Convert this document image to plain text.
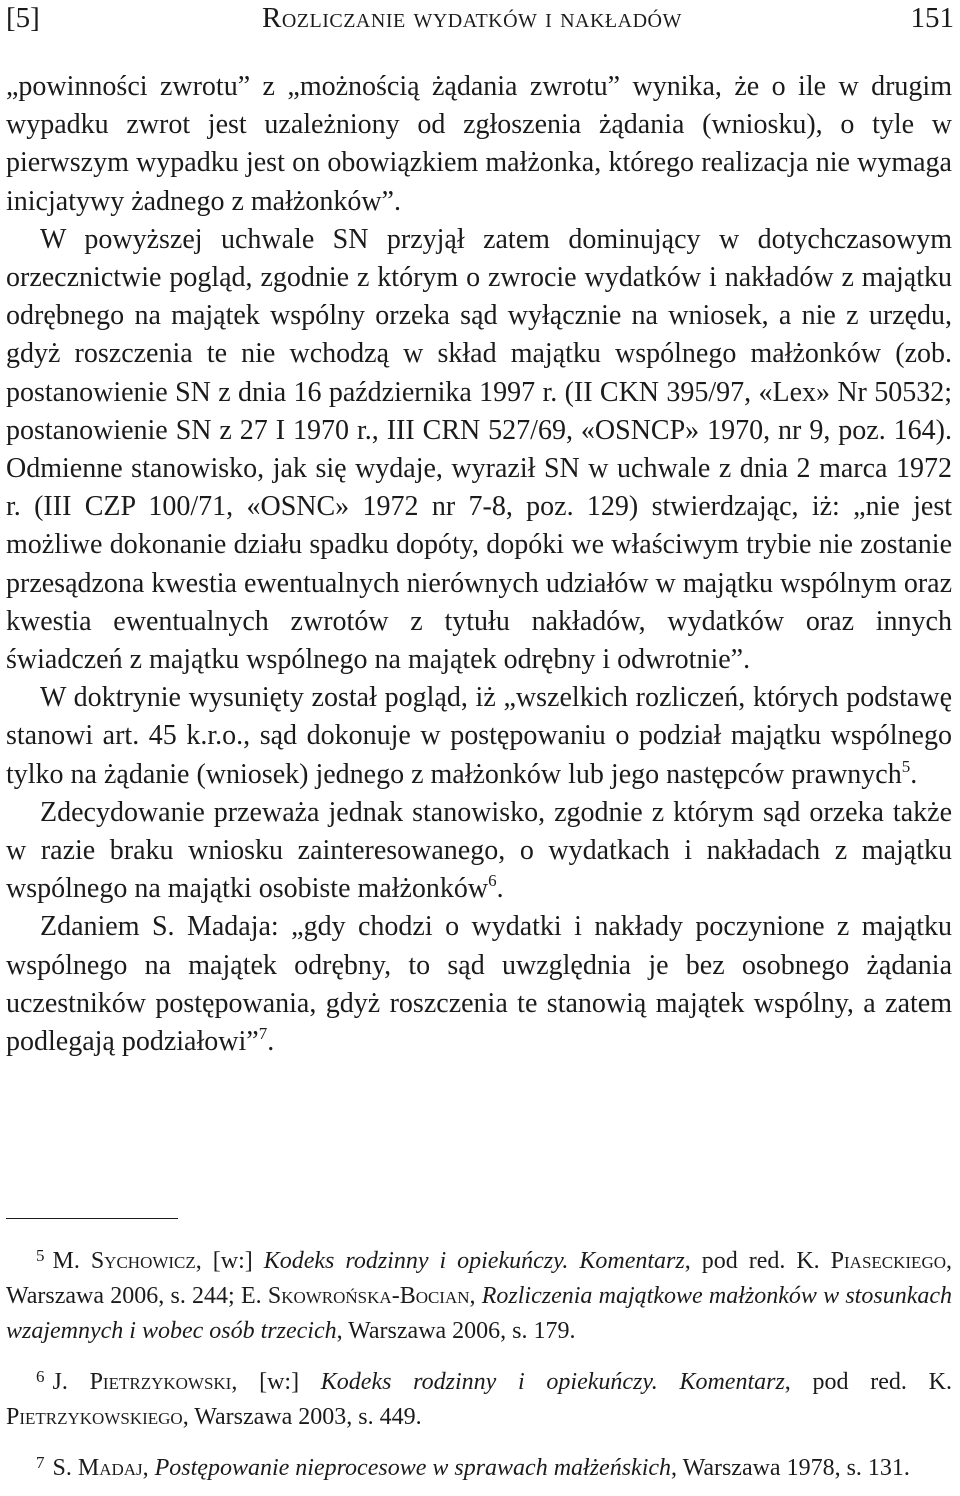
[5]	Rozliczanie wydatków i nakładów	151

„powinności zwrotu” z „możnością żądania zwrotu” wynika, że o ile w drugim wypadku zwrot jest uzależniony od zgłoszenia żądania (wniosku), o tyle w pierwszym wypadku jest on obowiązkiem małżonka, którego realizacja nie wymaga inicjatywy żadnego z małżonków”.

W powyższej uchwale SN przyjął zatem dominujący w dotychczasowym orzecznictwie pogląd, zgodnie z którym o zwrocie wydatków i nakładów z majątku odrębnego na majątek wspólny orzeka sąd wyłącznie na wniosek, a nie z urzędu, gdyż roszczenia te nie wchodzą w skład majątku wspólnego małżonków (zob. postanowienie SN z dnia 16 października 1997 r. (II CKN 395/97, «Lex» Nr 50532; postanowienie SN z 27 I 1970 r., III CRN 527/69, «OSNCP» 1970, nr 9, poz. 164). Odmienne stanowisko, jak się wydaje, wyraził SN w uchwale z dnia 2 marca 1972 r. (III CZP 100/71, «OSNC» 1972 nr 7-8, poz. 129) stwierdzając, iż: „nie jest możliwe dokonanie działu spadku dopóty, dopóki we właściwym trybie nie zostanie przesądzona kwestia ewentualnych nierównych udziałów w majątku wspólnym oraz kwestia ewentualnych zwrotów z tytułu nakładów, wydatków oraz innych świadczeń z majątku wspólnego na majątek odrębny i odwrotnie”.

W doktrynie wysunięty został pogląd, iż „wszelkich rozliczeń, których podstawę stanowi art. 45 k.r.o., sąd dokonuje w postępowaniu o podział majątku wspólnego tylko na żądanie (wniosek) jednego z małżonków lub jego następców prawnych$^5$.

Zdecydowanie przeważa jednak stanowisko, zgodnie z którym sąd orzeka także w razie braku wniosku zainteresowanego, o wydatkach i nakładach z majątku wspólnego na majątki osobiste małżonków$^6$.

Zdaniem S. Madaja: „gdy chodzi o wydatki i nakłady poczynione z majątku wspólnego na majątek odrębny, to sąd uwzględnia je bez osobnego żądania uczestników postępowania, gdyż roszczenia te stanowią majątek wspólny, a zatem podlegają podziałowi”$^7$.

$^5$ M. Sychowicz, [w:] Kodeks rodzinny i opiekuńczy. Komentarz, pod red. K. Piaseckiego, Warszawa 2006, s. 244; E. Skowrońska-Bocian, Rozliczenia majątkowe małżonków w stosunkach wzajemnych i wobec osób trzecich, Warszawa 2006, s. 179.

$^6$ J. Pietrzykowski, [w:] Kodeks rodzinny i opiekuńczy. Komentarz, pod red. K. Pietrzykowskiego, Warszawa 2003, s. 449.

$^7$ S. Madaj, Postępowanie nieprocesowe w sprawach małżeńskich, Warszawa 1978, s. 131.
